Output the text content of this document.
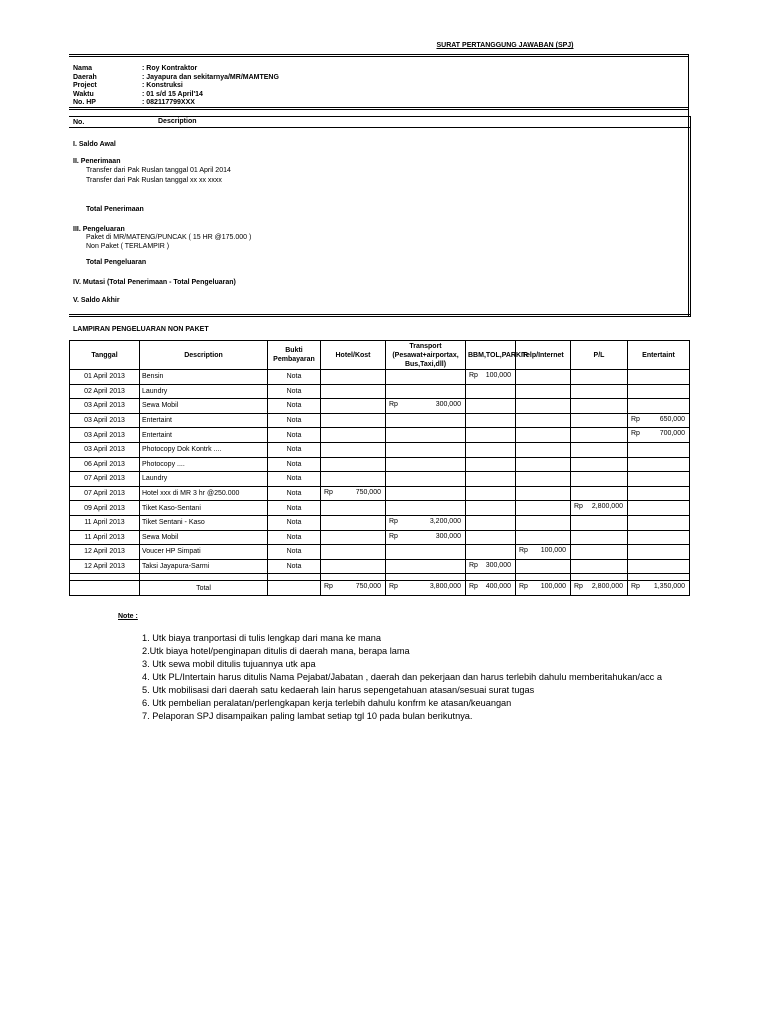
SURAT PERTANGGUNG JAWABAN (SPJ)
Nama	: Roy Kontraktor
Daerah	: Jayapura dan sekitarnya/MR/MAMTENG
Project	: Konstruksi
Waktu	: 01 s/d 15 April'14
No. HP	: 082117799XXX
No.	Description
I. Saldo Awal
II. Penerimaan
Transfer dari Pak Ruslan tanggal 01 April 2014
Transfer dari Pak Ruslan tanggal xx xx xxxx
Total Penerimaan
III. Pengeluaran
Paket di MR/MATENG/PUNCAK ( 15 HR @175.000 )
Non Paket ( TERLAMPIR )
Total Pengeluaran
IV. Mutasi (Total Penerimaan - Total Pengeluaran)
V. Saldo Akhir
LAMPIRAN PENGELUARAN NON PAKET
Tanggal	Description	Bukti Pembayaran	Hotel/Kost	Transport (Pesawat+airportax, Bus,Taxi,dll)	BBM,TOL,PARKIR	Telp/Internet	P/L	Entertaint
01 April 2013	Bensin	Nota			Rp 100,000			

02 April 2013	Laundry	Nota						
03 April 2013	Sewa Mobil	Nota		Rp 300,000				

03 April 2013	Entertaint	Nota						Rp 650,000

03 April 2013	Entertaint	Nota						Rp 700,000

03 April 2013	Photocopy Dok Kontrk ....	Nota						
06 April 2013	Photocopy ....	Nota						
07 April 2013	Laundry	Nota						
07 April 2013	Hotel xxx di MR 3 hr @250.000	Nota	Rp 750,000					

09 April 2013	Tiket Kaso-Sentani	Nota					Rp 2,800,000	

11 April 2013	Tiket Sentani - Kaso	Nota		Rp 3,200,000				

11 April 2013	Sewa Mobil	Nota		Rp 300,000				

12 April 2013	Voucer HP Simpati	Nota				Rp 100,000		

12 April 2013	Taksi Jayapura-Sarmi	Nota			Rp 300,000			

	Total		Rp 750,000	Rp 3,800,000	Rp 400,000	Rp 100,000	Rp 2,800,000	Rp 1,350,000
Note :
1. Utk biaya tranportasi di tulis lengkap dari mana ke mana
2.Utk biaya hotel/penginapan ditulis di daerah mana, berapa lama
3. Utk sewa mobil ditulis tujuannya utk apa
4. Utk PL/Intertain harus ditulis Nama Pejabat/Jabatan , daerah dan pekerjaan dan harus terlebih dahulu memberitahukan/acc a
5. Utk mobilisasi dari daerah satu kedaerah lain harus sepengetahuan atasan/sesuai surat tugas
6. Utk pembelian peralatan/perlengkapan kerja terlebih dahulu konfrm ke atasan/keuangan
7. Pelaporan SPJ disampaikan paling lambat setiap tgl 10 pada bulan berikutnya.
